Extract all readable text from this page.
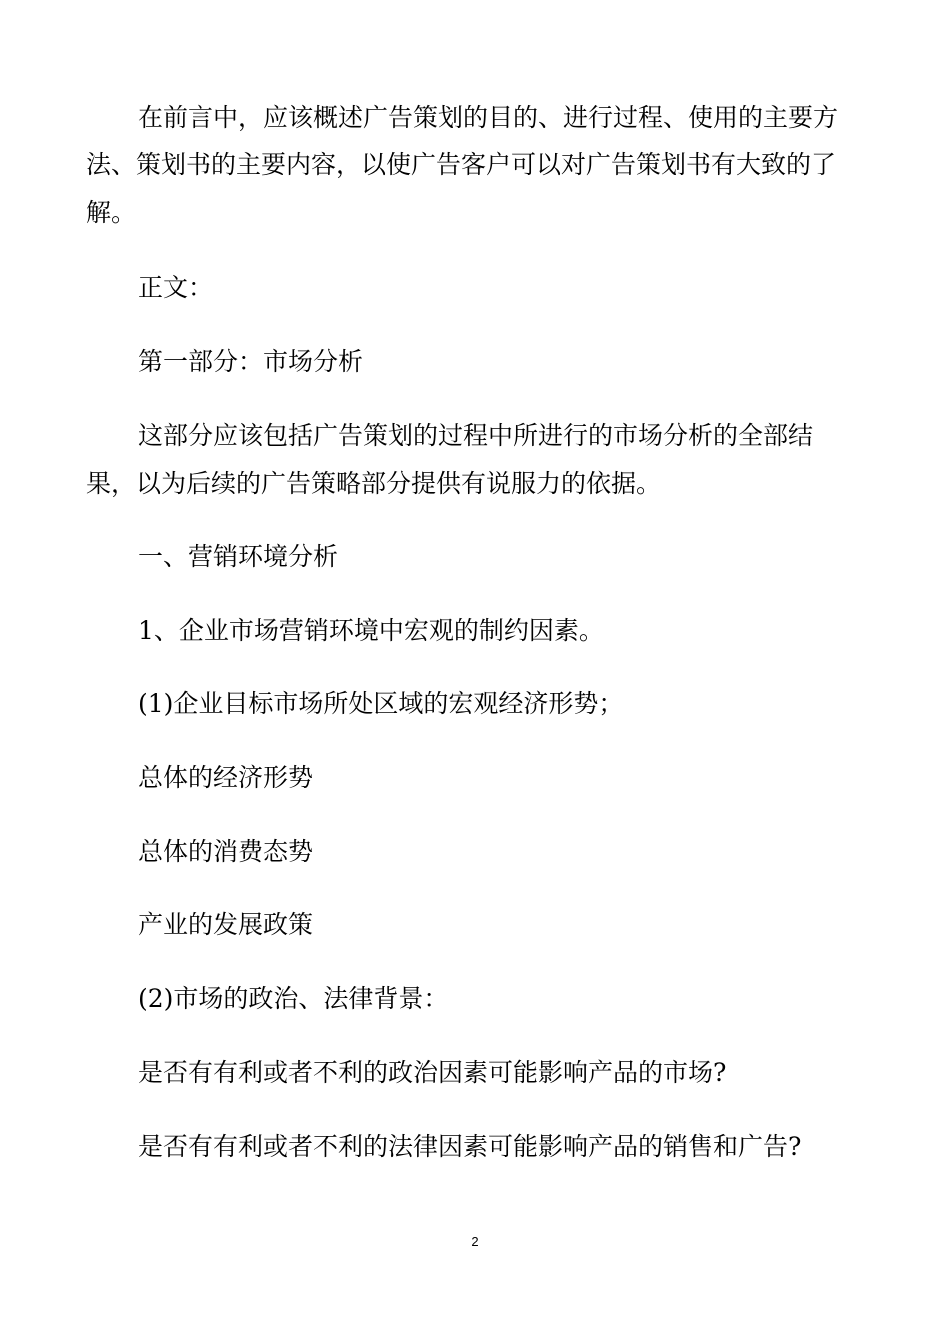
在前言中，应该概述广告策划的目的、进行过程、使用的主要方

法、策划书的主要内容，以使广告客户可以对广告策划书有大致的了

解。

正文：

第一部分：市场分析

这部分应该包括广告策划的过程中所进行的市场分析的全部结

果，以为后续的广告策略部分提供有说服力的依据。

一、营销环境分析

1、企业市场营销环境中宏观的制约因素。

(1)企业目标市场所处区域的宏观经济形势；

总体的经济形势

总体的消费态势

产业的发展政策

(2)市场的政治、法律背景：

是否有有利或者不利的政治因素可能影响产品的市场?

是否有有利或者不利的法律因素可能影响产品的销售和广告?

2
